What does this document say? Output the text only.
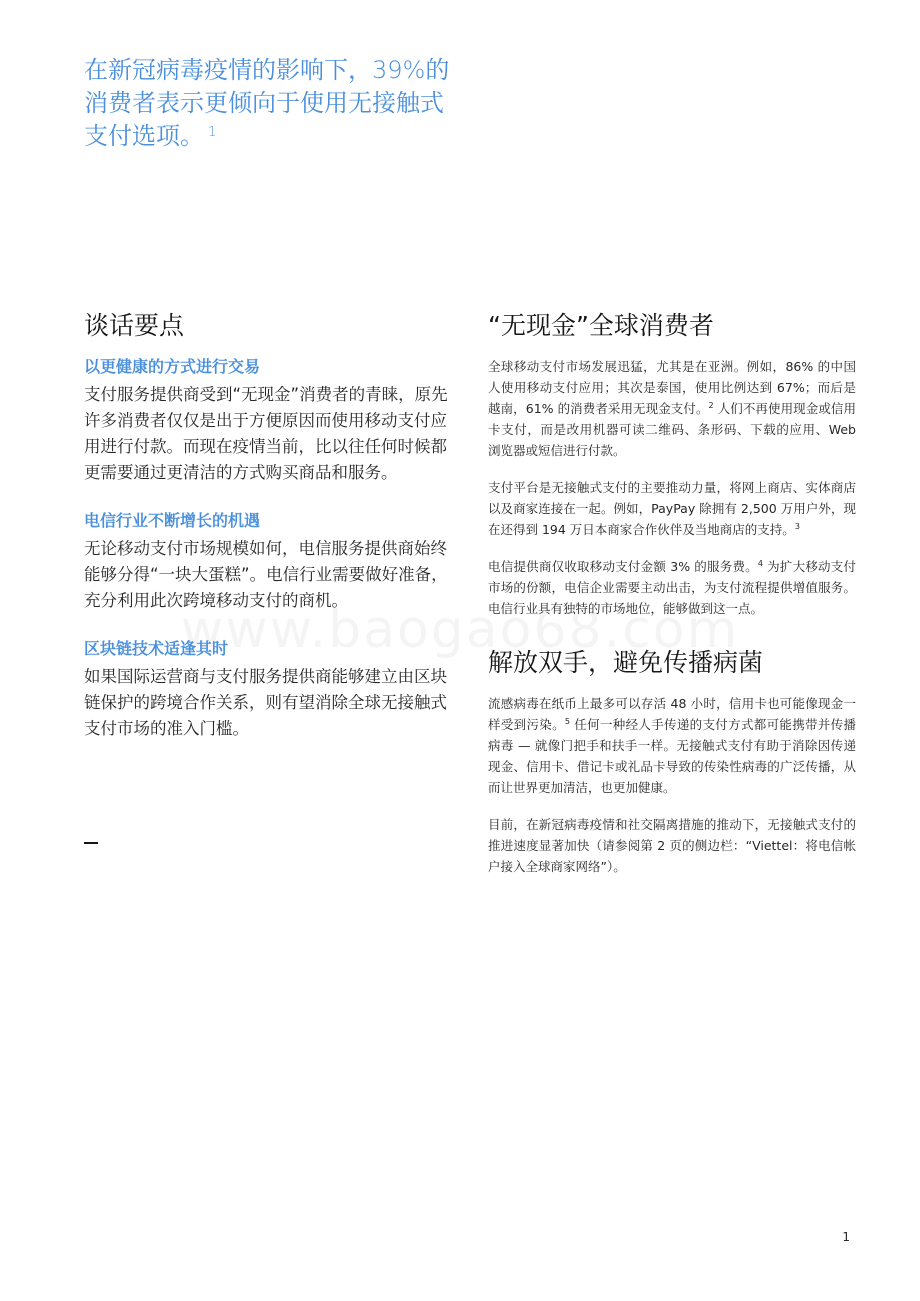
在新冠病毒疫情的影响下，39%的消费者表示更倾向于使用无接触式支付选项。 $^1$
谈话要点
以更健康的方式进行交易

支付服务提供商受到“无现金”消费者的青睐，原先许多消费者仅仅是出于方便原因而使用移动支付应用进行付款。而现在疫情当前，比以往任何时候都更需要通过更清洁的方式购买商品和服务。

电信行业不断增长的机遇

无论移动支付市场规模如何，电信服务提供商始终能够分得“一块大蛋糕”。电信行业需要做好准备，充分利用此次跨境移动支付的商机。

区块链技术适逢其时

如果国际运营商与支付服务提供商能够建立由区块链保护的跨境合作关系，则有望消除全球无接触式支付市场的准入门槛。

“无现金”全球消费者

全球移动支付市场发展迅猛，尤其是在亚洲。例如，86% 的中国人使用移动支付应用；其次是泰国，使用比例达到 67%；而后是越南，61% 的消费者采用无现金支付。$^2$ 人们不再使用现金或信用卡支付，而是改用机器可读二维码、条形码、下载的应用、Web 浏览器或短信进行付款。

支付平台是无接触式支付的主要推动力量，将网上商店、实体商店以及商家连接在一起。例如，PayPay 除拥有 2,500 万用户外，现在还得到 194 万日本商家合作伙伴及当地商店的支持。$^3$

电信提供商仅收取移动支付金额 3% 的服务费。$^4$ 为扩大移动支付市场的份额，电信企业需要主动出击，为支付流程提供增值服务。电信行业具有独特的市场地位，能够做到这一点。

解放双手，避免传播病菌

流感病毒在纸币上最多可以存活 48 小时，信用卡也可能像现金一样受到污染。$^5$ 任何一种经人手传递的支付方式都可能携带并传播病毒 — 就像门把手和扶手一样。无接触式支付有助于消除因传递现金、信用卡、借记卡或礼品卡导致的传染性病毒的广泛传播，从而让世界更加清洁，也更加健康。

目前，在新冠病毒疫情和社交隔离措施的推动下，无接触式支付的推进速度显著加快（请参阅第 2 页的侧边栏：“Viettel：将电信帐户接入全球商家网络”）。

1
